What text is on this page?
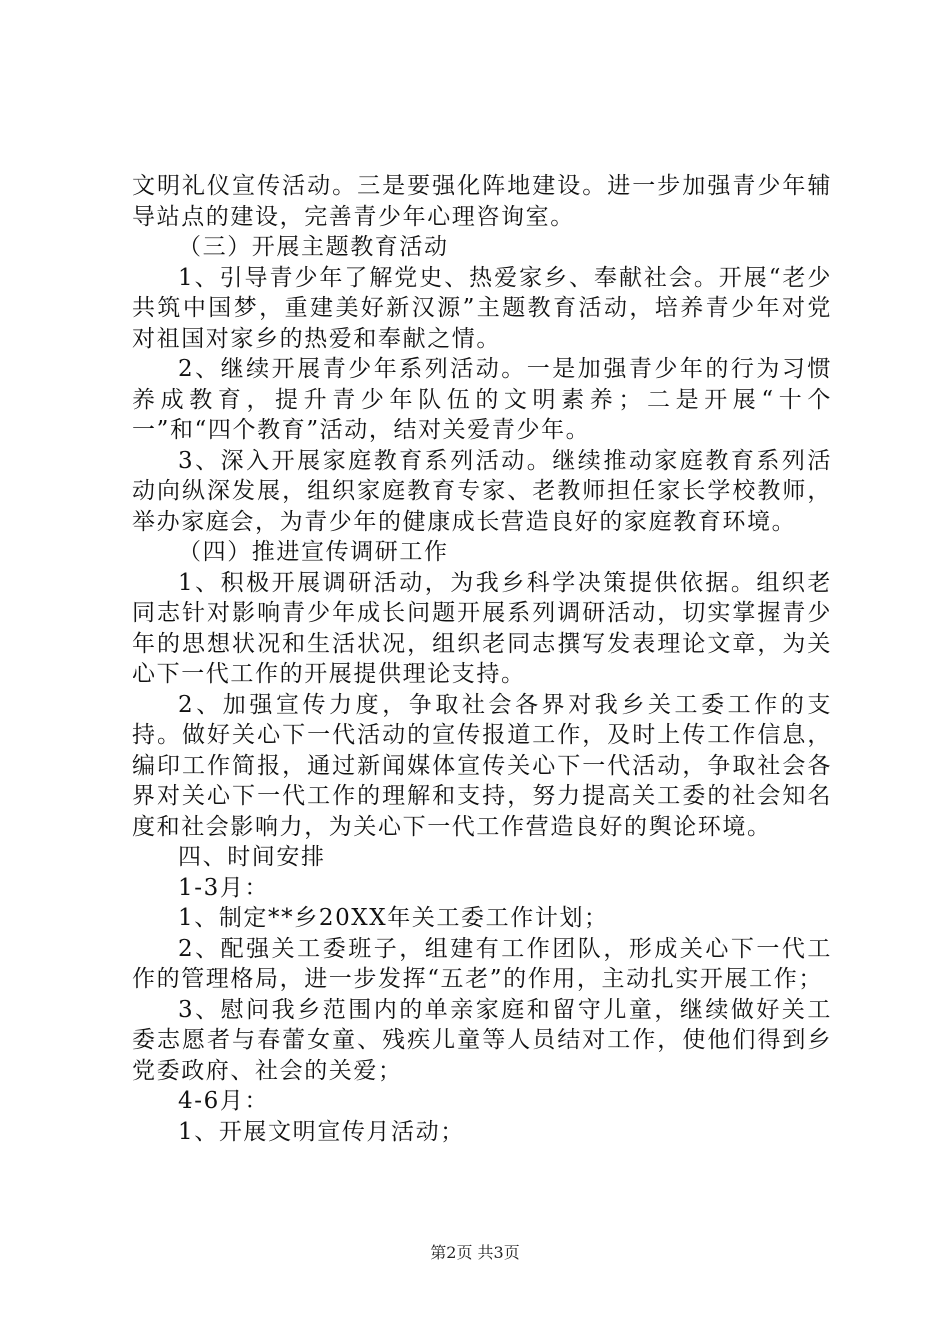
文明礼仪宣传活动。三是要强化阵地建设。进一步加强青少年辅导站点的建设，完善青少年心理咨询室。

（三）开展主题教育活动

1、引导青少年了解党史、热爱家乡、奉献社会。开展“老少共筑中国梦，重建美好新汉源”主题教育活动，培养青少年对党对祖国对家乡的热爱和奉献之情。

2、继续开展青少年系列活动。一是加强青少年的行为习惯养成教育，提升青少年队伍的文明素养；二是开展“十个一”和“四个教育”活动，结对关爱青少年。

3、深入开展家庭教育系列活动。继续推动家庭教育系列活动向纵深发展，组织家庭教育专家、老教师担任家长学校教师，举办家庭会，为青少年的健康成长营造良好的家庭教育环境。

（四）推进宣传调研工作

1、积极开展调研活动，为我乡科学决策提供依据。组织老同志针对影响青少年成长问题开展系列调研活动，切实掌握青少年的思想状况和生活状况，组织老同志撰写发表理论文章，为关心下一代工作的开展提供理论支持。

2、加强宣传力度，争取社会各界对我乡关工委工作的支持。做好关心下一代活动的宣传报道工作，及时上传工作信息，编印工作简报，通过新闻媒体宣传关心下一代活动，争取社会各界对关心下一代工作的理解和支持，努力提高关工委的社会知名度和社会影响力，为关心下一代工作营造良好的舆论环境。

四、时间安排

1-3月：

1、制定**乡20XX年关工委工作计划；

2、配强关工委班子，组建有工作团队，形成关心下一代工作的管理格局，进一步发挥“五老”的作用，主动扎实开展工作；

3、慰问我乡范围内的单亲家庭和留守儿童，继续做好关工委志愿者与春蕾女童、残疾儿童等人员结对工作，使他们得到乡党委政府、社会的关爱；

4-6月：

1、开展文明宣传月活动；

第2页 共3页
